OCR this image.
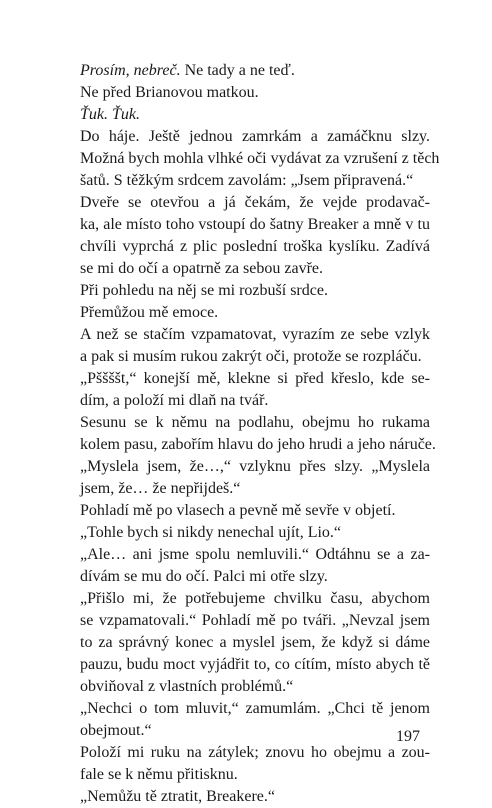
Prosím, nebreč. Ne tady a ne teď.
Ne před Brianovou matkou.
Ťuk. Ťuk.
Do háje. Ještě jednou zamrkám a zamáčknu slzy.
Možná bych mohla vlhké oči vydávat za vzrušení z těch
šatů. S těžkým srdcem zavolám: „Jsem připravená.“
Dveře se otevřou a já čekám, že vejde prodavač-
ka, ale místo toho vstoupí do šatny Breaker a mně v tu
chvíli vyprchá z plic poslední troška kyslíku. Zadívá
se mi do očí a opatrně za sebou zavře.
Při pohledu na něj se mi rozbuší srdce.
Přemůžou mě emoce.
A než se stačím vzpamatovat, vyrazím ze sebe vzlyk
a pak si musím rukou zakrýt oči, protože se rozpláču.
„Pššššt,“ konejší mě, klekne si před křeslo, kde se-
dím, a položí mi dlaň na tvář.
Sesunu se k němu na podlahu, obejmu ho rukama
kolem pasu, zabořím hlavu do jeho hrudi a jeho náruče.
„Myslela jsem, že…,“ vzlyknu přes slzy. „Myslela
jsem, že… že nepřijdeš.“
Pohladí mě po vlasech a pevně mě sevře v objetí.
„Tohle bych si nikdy nenechal ujít, Lio.“
„Ale… ani jsme spolu nemluvili.“ Odtáhnu se a za-
dívám se mu do očí. Palci mi otře slzy.
„Přišlo mi, že potřebujeme chvilku času, abychom
se vzpamatovali.“ Pohladí mě po tváři. „Nevzal jsem
to za správný konec a myslel jsem, že když si dáme
pauzu, budu moct vyjádřit to, co cítím, místo abych tě
obviňoval z vlastních problémů.“
„Nechci o tom mluvit,“ zamumlám. „Chci tě jenom
obejmout.“
Položí mi ruku na zátylek; znovu ho obejmu a zou-
fale se k němu přitisknu.
„Nemůžu tě ztratit, Breakere.“
197
